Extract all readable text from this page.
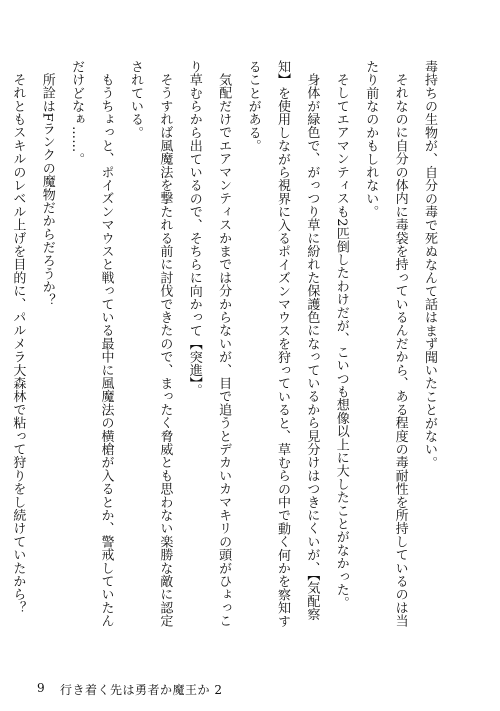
毒持ちの生物が、自分の毒で死ぬなんて話はまず聞いたことがない。

それなのに自分の体内に毒袋を持っているんだから、ある程度の毒耐性を所持しているのは当たり前なのかもしれない。

そしてエアマンティスも2匹倒したわけだが、こいつも想像以上に大したことがなかった。

身体が緑色で、がっつり草に紛れた保護色になっているから見分けはつきにくいが、【気配察知】を使用しながら視界に入るポイズンマウスを狩っていると、草むらの中で動く何かを察知することがある。

気配だけでエアマンティスかまでは分からないが、目で追うとデカいカマキリの頭がひょっこり草むらから出ているので、そちらに向かって【突進】。

そうすれば風魔法を撃たれる前に討伐できたので、まったく脅威とも思わない楽勝な敵に認定されている。

もうちょっと、ポイズンマウスと戦っている最中に風魔法の横槍が入るとか、警戒していたんだけどなぁ……。

所詮はFランクの魔物だからだろうか？

それともスキルのレベル上げを目的に、パルメラ大森林で粘って狩りをし続けていたから？

9 行き着く先は勇者か魔王か 2
